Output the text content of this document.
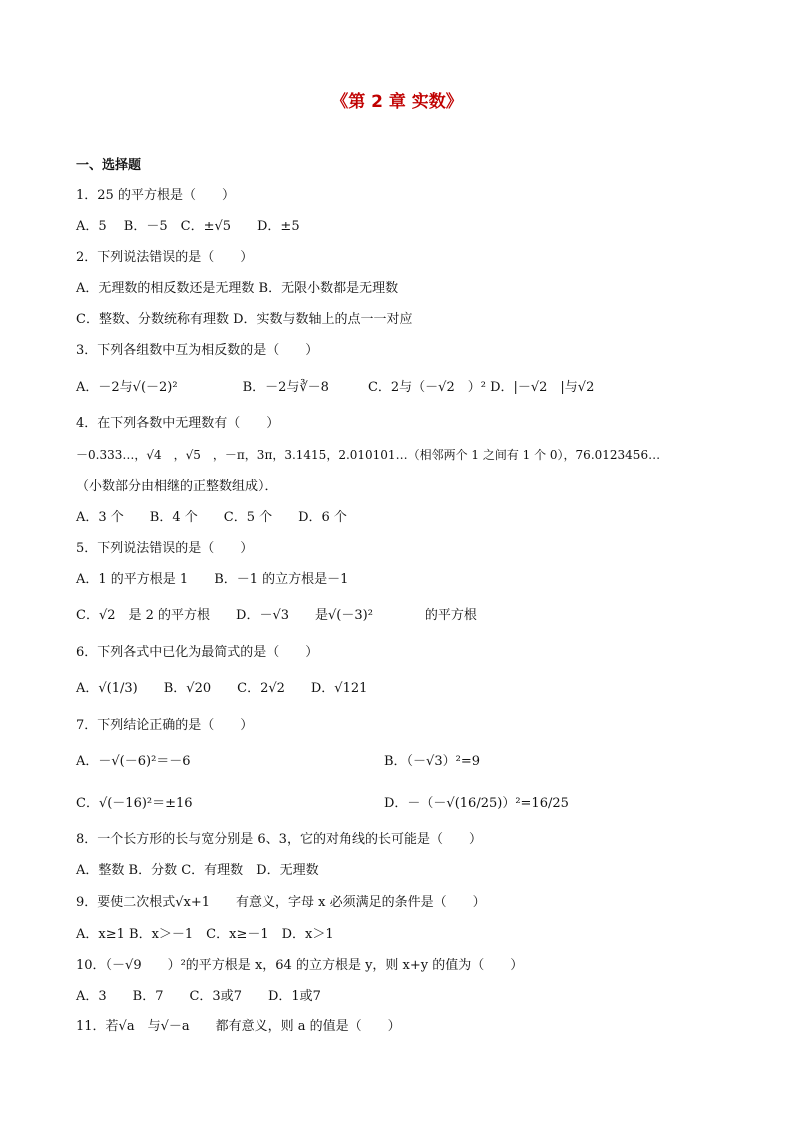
《第 2 章 实数》
一、选择题
1．25 的平方根是（　　）
A．5　 B．－5　C．±√5　　D．±5
2．下列说法错误的是（　　）
A．无理数的相反数还是无理数 B．无限小数都是无理数
C．整数、分数统称有理数 D．实数与数轴上的点一一对应
3．下列各组数中互为相反数的是（　　）
A．－2与√(－2)²　　　　　B．－2与∛－8　　　C．2与（－√2　）² D．|－√2　|与√2
4．在下列各数中无理数有（　　）
－0.333…，√4　，√5　，－π，3π，3.1415，2.010101…（相邻两个 1 之间有 1 个 0），76.0123456…
（小数部分由相继的正整数组成）．
A．3 个　　B．4 个　　C．5 个　　D．6 个
5．下列说法错误的是（　　）
A．1 的平方根是 1　　B．－1 的立方根是－1
C．√2　是 2 的平方根　　D．－√3　　是√(－3)²　　　　的平方根
6．下列各式中已化为最简式的是（　　）
A．√(1/3)　　B．√20　　C．2√2　　D．√121
7．下列结论正确的是（　　）
A．－√(－6)²＝－6	B．（－√3）²=9
C．√(－16)²＝±16	D．－（－√(16/25)）²=16/25
8．一个长方形的长与宽分别是 6、3，它的对角线的长可能是（　　）
A．整数 B．分数 C．有理数　D．无理数
9．要使二次根式√x+1　　有意义，字母 x 必须满足的条件是（　　）
A．x≥1 B．x＞－1　C．x≥－1　D．x＞1
10．（－√9　　）²的平方根是 x，64 的立方根是 y，则 x+y 的值为（　　）
A．3　　B．7　　C．3或7　　D．1或7
11．若√a　与√－a　　都有意义，则 a 的值是（　　）
